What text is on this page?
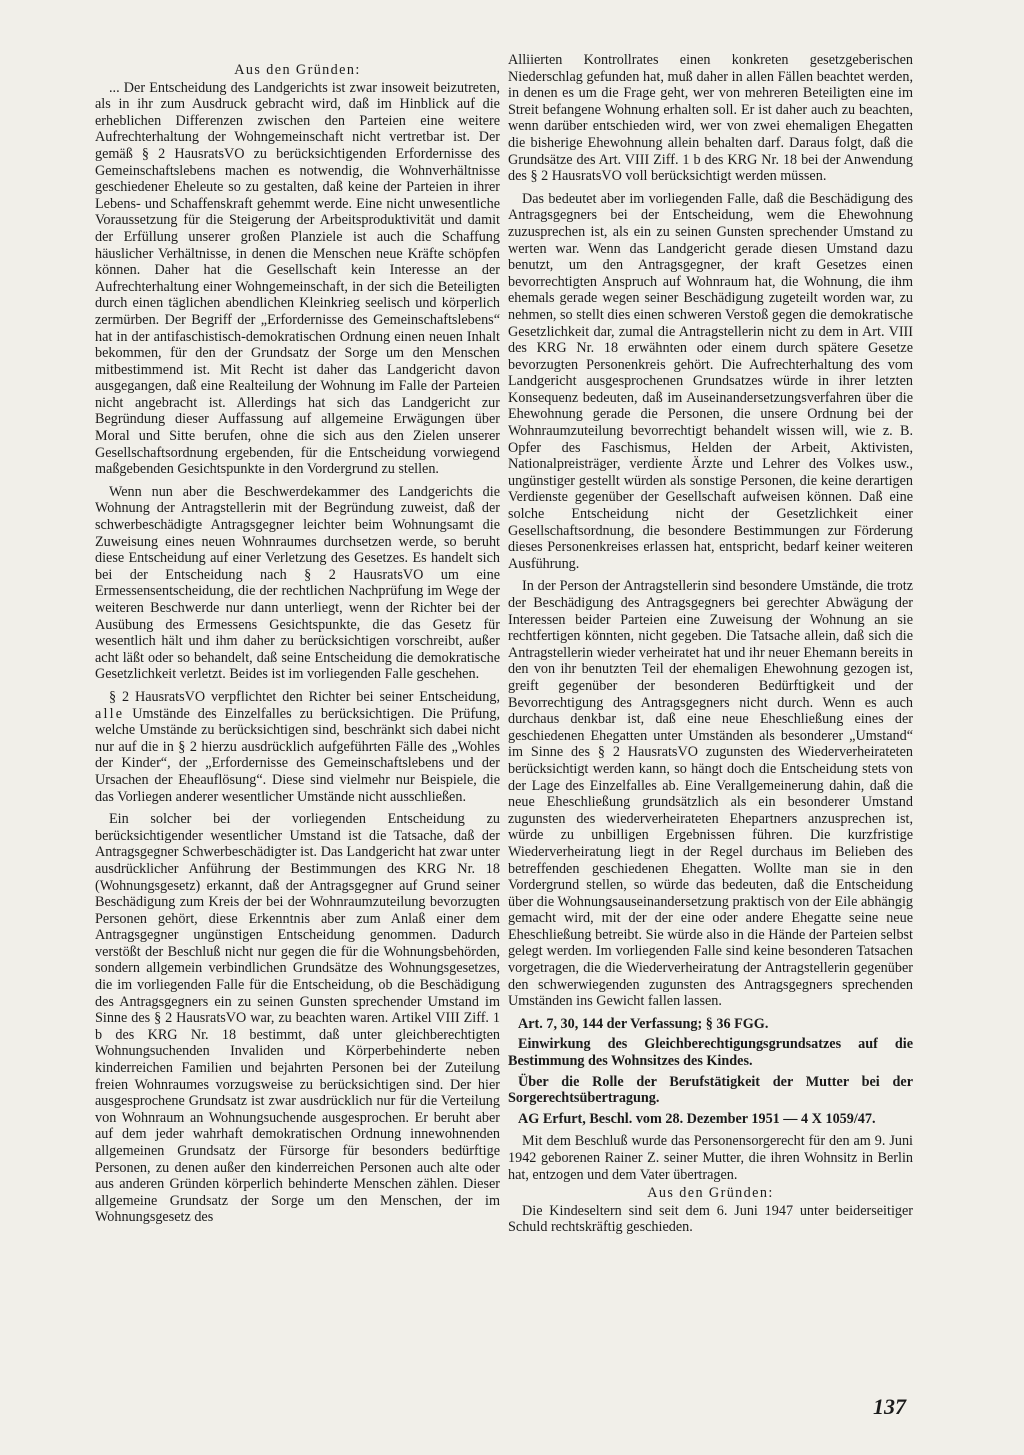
Aus den Gründen:

... Der Entscheidung des Landgerichts ist zwar insoweit beizutreten, als in ihr zum Ausdruck gebracht wird, daß im Hinblick auf die erheblichen Differenzen zwischen den Parteien eine weitere Aufrechterhaltung der Wohngemeinschaft nicht vertretbar ist. Der gemäß § 2 HausratsVO zu berücksichtigenden Erfordernisse des Gemeinschaftslebens machen es notwendig, die Wohnverhältnisse geschiedener Eheleute so zu gestalten, daß keine der Parteien in ihrer Lebens- und Schaffenskraft gehemmt werde. Eine nicht unwesentliche Voraussetzung für die Steigerung der Arbeitsproduktivität und damit der Erfüllung unserer großen Planziele ist auch die Schaffung häuslicher Verhältnisse, in denen die Menschen neue Kräfte schöpfen können. Daher hat die Gesellschaft kein Interesse an der Aufrechterhaltung einer Wohngemeinschaft, in der sich die Beteiligten durch einen täglichen abendlichen Kleinkrieg seelisch und körperlich zermürben. Der Begriff der „Erfordernisse des Gemeinschaftslebens“ hat in der antifaschistisch-demokratischen Ordnung einen neuen Inhalt bekommen, für den der Grundsatz der Sorge um den Menschen mitbestimmend ist. Mit Recht ist daher das Landgericht davon ausgegangen, daß eine Realteilung der Wohnung im Falle der Parteien nicht angebracht ist. Allerdings hat sich das Landgericht zur Begründung dieser Auffassung auf allgemeine Erwägungen über Moral und Sitte berufen, ohne die sich aus den Zielen unserer Gesellschaftsordnung ergebenden, für die Entscheidung vorwiegend maßgebenden Gesichtspunkte in den Vordergrund zu stellen.

Wenn nun aber die Beschwerdekammer des Landgerichts die Wohnung der Antragstellerin mit der Begründung zuweist, daß der schwerbeschädigte Antragsgegner leichter beim Wohnungsamt die Zuweisung eines neuen Wohnraumes durchsetzen werde, so beruht diese Entscheidung auf einer Verletzung des Gesetzes. Es handelt sich bei der Entscheidung nach § 2 HausratsVO um eine Ermessensentscheidung, die der rechtlichen Nachprüfung im Wege der weiteren Beschwerde nur dann unterliegt, wenn der Richter bei der Ausübung des Ermessens Gesichtspunkte, die das Gesetz für wesentlich hält und ihm daher zu berücksichtigen vorschreibt, außer acht läßt oder so behandelt, daß seine Entscheidung die demokratische Gesetzlichkeit verletzt. Beides ist im vorliegenden Falle geschehen.

§ 2 HausratsVO verpflichtet den Richter bei seiner Entscheidung, alle Umstände des Einzelfalles zu berücksichtigen. Die Prüfung, welche Umstände zu berücksichtigen sind, beschränkt sich dabei nicht nur auf die in § 2 hierzu ausdrücklich aufgeführten Fälle des „Wohles der Kinder“, der „Erfordernisse des Gemeinschaftslebens und der Ursachen der Eheauflösung“. Diese sind vielmehr nur Beispiele, die das Vorliegen anderer wesentlicher Umstände nicht ausschließen.

Ein solcher bei der vorliegenden Entscheidung zu berücksichtigender wesentlicher Umstand ist die Tatsache, daß der Antragsgegner Schwerbeschädigter ist. Das Landgericht hat zwar unter ausdrücklicher Anführung der Bestimmungen des KRG Nr. 18 (Wohnungsgesetz) erkannt, daß der Antragsgegner auf Grund seiner Beschädigung zum Kreis der bei der Wohnraumzuteilung bevorzugten Personen gehört, diese Erkenntnis aber zum Anlaß einer dem Antragsgegner ungünstigen Entscheidung genommen. Dadurch verstößt der Beschluß nicht nur gegen die für die Wohnungsbehörden, sondern allgemein verbindlichen Grundsätze des Wohnungsgesetzes, die im vorliegenden Falle für die Entscheidung, ob die Beschädigung des Antragsgegners ein zu seinen Gunsten sprechender Umstand im Sinne des § 2 HausratsVO war, zu beachten waren. Artikel VIII Ziff. 1 b des KRG Nr. 18 bestimmt, daß unter gleichberechtigten Wohnungsuchenden Invaliden und Körperbehinderte neben kinderreichen Familien und bejahrten Personen bei der Zuteilung freien Wohnraumes vorzugsweise zu berücksichtigen sind. Der hier ausgesprochene Grundsatz ist zwar ausdrücklich nur für die Verteilung von Wohnraum an Wohnungsuchende ausgesprochen. Er beruht aber auf dem jeder wahrhaft demokratischen Ordnung innewohnenden allgemeinen Grundsatz der Fürsorge für besonders bedürftige Personen, zu denen außer den kinderreichen Personen auch alte oder aus anderen Gründen körperlich behinderte Menschen zählen. Dieser allgemeine Grundsatz der Sorge um den Menschen, der im Wohnungsgesetz des

Alliierten Kontrollrates einen konkreten gesetzgeberischen Niederschlag gefunden hat, muß daher in allen Fällen beachtet werden, in denen es um die Frage geht, wer von mehreren Beteiligten eine im Streit befangene Wohnung erhalten soll. Er ist daher auch zu beachten, wenn darüber entschieden wird, wer von zwei ehemaligen Ehegatten die bisherige Ehewohnung allein behalten darf. Daraus folgt, daß die Grundsätze des Art. VIII Ziff. 1 b des KRG Nr. 18 bei der Anwendung des § 2 HausratsVO voll berücksichtigt werden müssen.

Das bedeutet aber im vorliegenden Falle, daß die Beschädigung des Antragsgegners bei der Entscheidung, wem die Ehewohnung zuzusprechen ist, als ein zu seinen Gunsten sprechender Umstand zu werten war. Wenn das Landgericht gerade diesen Umstand dazu benutzt, um den Antragsgegner, der kraft Gesetzes einen bevorrechtigten Anspruch auf Wohnraum hat, die Wohnung, die ihm ehemals gerade wegen seiner Beschädigung zugeteilt worden war, zu nehmen, so stellt dies einen schweren Verstoß gegen die demokratische Gesetzlichkeit dar, zumal die Antragstellerin nicht zu dem in Art. VIII des KRG Nr. 18 erwähnten oder einem durch spätere Gesetze bevorzugten Personenkreis gehört. Die Aufrechterhaltung des vom Landgericht ausgesprochenen Grundsatzes würde in ihrer letzten Konsequenz bedeuten, daß im Auseinandersetzungsverfahren über die Ehewohnung gerade die Personen, die unsere Ordnung bei der Wohnraumzuteilung bevorrechtigt behandelt wissen will, wie z. B. Opfer des Faschismus, Helden der Arbeit, Aktivisten, Nationalpreisträger, verdiente Ärzte und Lehrer des Volkes usw., ungünstiger gestellt würden als sonstige Personen, die keine derartigen Verdienste gegenüber der Gesellschaft aufweisen können. Daß eine solche Entscheidung nicht der Gesetzlichkeit einer Gesellschaftsordnung, die besondere Bestimmungen zur Förderung dieses Personenkreises erlassen hat, entspricht, bedarf keiner weiteren Ausführung.

In der Person der Antragstellerin sind besondere Umstände, die trotz der Beschädigung des Antragsgegners bei gerechter Abwägung der Interessen beider Parteien eine Zuweisung der Wohnung an sie rechtfertigen könnten, nicht gegeben. Die Tatsache allein, daß sich die Antragstellerin wieder verheiratet hat und ihr neuer Ehemann bereits in den von ihr benutzten Teil der ehemaligen Ehewohnung gezogen ist, greift gegenüber der besonderen Bedürftigkeit und der Bevorrechtigung des Antragsgegners nicht durch. Wenn es auch durchaus denkbar ist, daß eine neue Eheschließung eines der geschiedenen Ehegatten unter Umständen als besonderer „Umstand“ im Sinne des § 2 HausratsVO zugunsten des Wiederverheirateten berücksichtigt werden kann, so hängt doch die Entscheidung stets von der Lage des Einzelfalles ab. Eine Verallgemeinerung dahin, daß die neue Eheschließung grundsätzlich als ein besonderer Umstand zugunsten des wiederverheirateten Ehepartners anzusprechen ist, würde zu unbilligen Ergebnissen führen. Die kurzfristige Wiederverheiratung liegt in der Regel durchaus im Belieben des betreffenden geschiedenen Ehegatten. Wollte man sie in den Vordergrund stellen, so würde das bedeuten, daß die Entscheidung über die Wohnungsauseinandersetzung praktisch von der Eile abhängig gemacht wird, mit der der eine oder andere Ehegatte seine neue Eheschließung betreibt. Sie würde also in die Hände der Parteien selbst gelegt werden. Im vorliegenden Falle sind keine besonderen Tatsachen vorgetragen, die die Wiederverheiratung der Antragstellerin gegenüber den schwerwiegenden zugunsten des Antragsgegners sprechenden Umständen ins Gewicht fallen lassen.

Art. 7, 30, 144 der Verfassung; § 36 FGG.

Einwirkung des Gleichberechtigungsgrundsatzes auf die Bestimmung des Wohnsitzes des Kindes.

Über die Rolle der Berufstätigkeit der Mutter bei der Sorgerechtsübertragung.

AG Erfurt, Beschl. vom 28. Dezember 1951 — 4 X 1059/47.

Mit dem Beschluß wurde das Personensorgerecht für den am 9. Juni 1942 geborenen Rainer Z. seiner Mutter, die ihren Wohnsitz in Berlin hat, entzogen und dem Vater übertragen.

Aus den Gründen:

Die Kindeseltern sind seit dem 6. Juni 1947 unter beiderseitiger Schuld rechtskräftig geschieden.

137
